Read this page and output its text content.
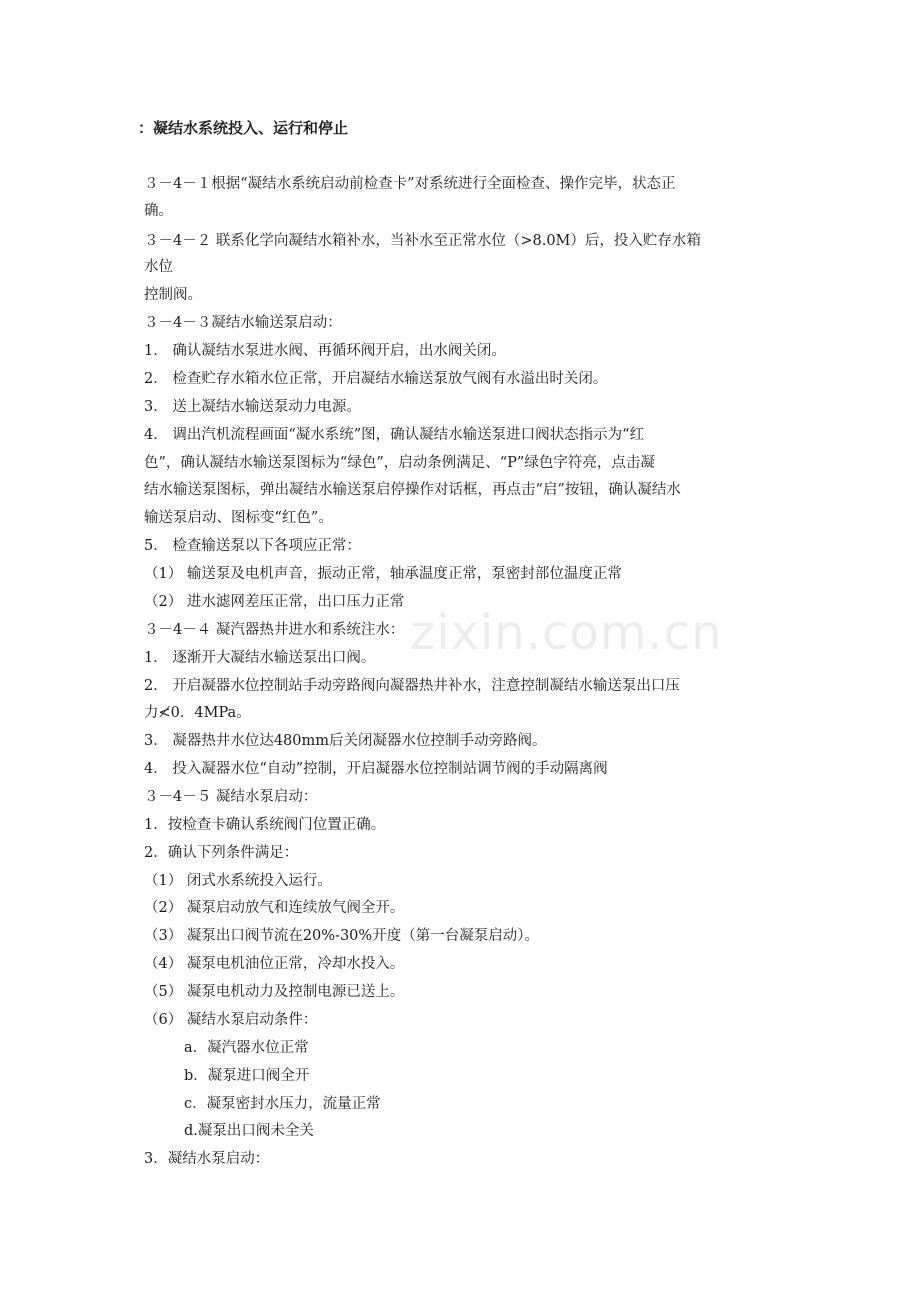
zixin.com.cn
：凝结水系统投入、运行和停止
３－4－１根据“凝结水系统启动前检查卡”对系统进行全面检查、操作完毕，状态正
确。
３－4－２ 联系化学向凝结水箱补水，当补水至正常水位（>8.0M）后，投入贮存水箱
水位
控制阀。
３－4－３凝结水输送泵启动：
1． 确认凝结水泵进水阀、再循环阀开启，出水阀关闭。
2． 检查贮存水箱水位正常，开启凝结水输送泵放气阀有水溢出时关闭。
3． 送上凝结水输送泵动力电源。
4． 调出汽机流程画面“凝水系统”图，确认凝结水输送泵进口阀状态指示为“红
色”，确认凝结水输送泵图标为“绿色”，启动条例满足、“P”绿色字符亮，点击凝
结水输送泵图标，弹出凝结水输送泵启停操作对话框，再点击“启”按钮，确认凝结水
输送泵启动、图标变“红色”。
5． 检查输送泵以下各项应正常：
（1） 输送泵及电机声音，振动正常，轴承温度正常，泵密封部位温度正常
（2） 进水滤网差压正常，出口压力正常
３－4－４ 凝汽器热井进水和系统注水：
1． 逐渐开大凝结水输送泵出口阀。
2． 开启凝器水位控制站手动旁路阀向凝器热井补水，注意控制凝结水输送泵出口压
力≮0．4MPa。
3． 凝器热井水位达480mm后关闭凝器水位控制手动旁路阀。
4． 投入凝器水位“自动”控制，开启凝器水位控制站调节阀的手动隔离阀
３－4－５ 凝结水泵启动：
1．按检查卡确认系统阀门位置正确。
2．确认下列条件满足：
（1） 闭式水系统投入运行。
（2） 凝泵启动放气和连续放气阀全开。
（3） 凝泵出口阀节流在20%-30%开度（第一台凝泵启动）。
（4） 凝泵电机油位正常，冷却水投入。
（5） 凝泵电机动力及控制电源已送上。
（6） 凝结水泵启动条件：
a．凝汽器水位正常
b．凝泵进口阀全开
c．凝泵密封水压力，流量正常
d.凝泵出口阀未全关
3．凝结水泵启动：
